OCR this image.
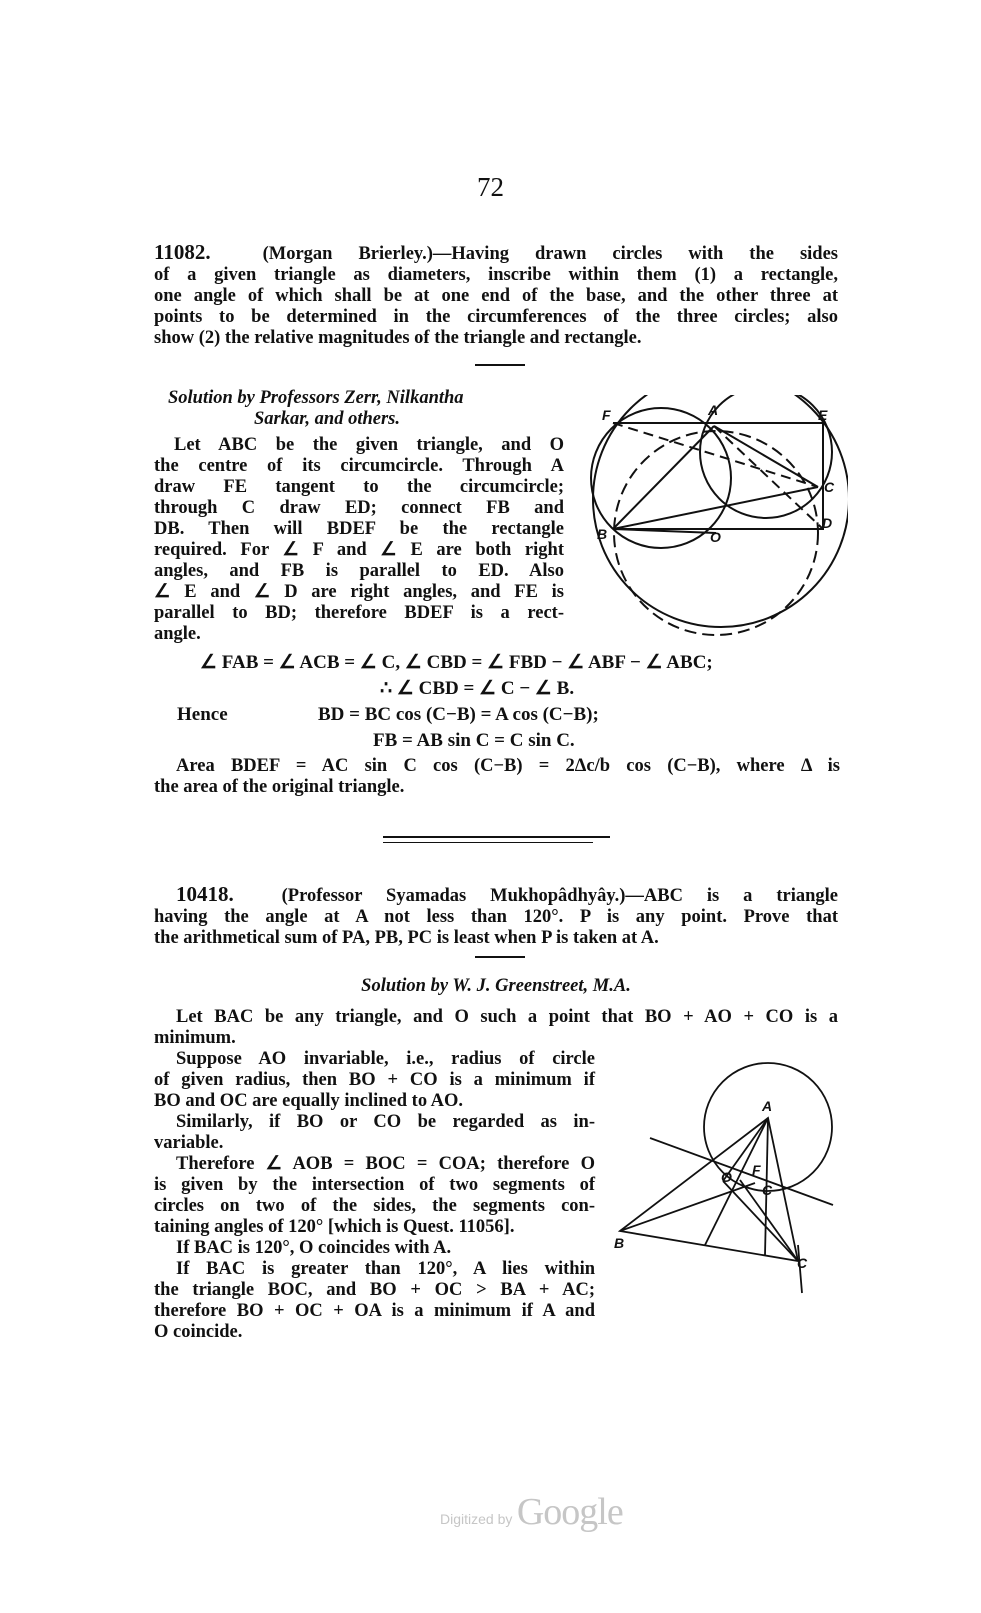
72
11082.	(Morgan Brierley.)—Having drawn circles with the sides
of a given triangle as diameters, inscribe within them (1) a rectangle,
one angle of which shall be at one end of the base, and the other three at
points to be determined in the circumferences of the three circles; also
show (2) the relative magnitudes of the triangle and rectangle.
Solution by Professors Zerr, Nilkantha
Sarkar, and others.
Let ABC be the given triangle, and O
the centre of its circumcircle. Through A
draw FE tangent to the circumcircle;
through C draw ED; connect FB and
DB. Then will BDEF be the rectangle
required. For ∠ F and ∠ E are both right
angles, and FB is parallel to ED. Also
∠ E and ∠ D are right angles, and FE is
parallel to BD; therefore BDEF is a rect-
angle.
F	A	E
C
B	O
D
∠ FAB = ∠ ACB = ∠ C, ∠ CBD = ∠ FBD − ∠ ABF − ∠ ABC;
∴ ∠ CBD = ∠ C − ∠ B.
Hence	BD = BC cos (C−B) = A cos (C−B);
FB = AB sin C = C sin C.
Area BDEF = AC sin C cos (C−B) = 2Δc/b cos (C−B), where Δ is
the area of the original triangle.
10418.	(Professor Syamadas Mukhopâdhyây.)—ABC is a triangle
having the angle at A not less than 120°. P is any point. Prove that
the arithmetical sum of PA, PB, PC is least when P is taken at A.
Solution by W. J. Greenstreet, M.A.
Let BAC be any triangle, and O such a point that BO + AO + CO is a
minimum.
Suppose AO invariable, i.e., radius of circle
of given radius, then BO + CO is a minimum if
BO and OC are equally inclined to AO.
Similarly, if BO or CO be regarded as in-
variable.
Therefore ∠ AOB = BOC = COA; therefore O
is given by the intersection of two segments of
circles on two of the sides, the segments con-
taining angles of 120° [which is Quest. 11056].
If BAC is 120°, O coincides with A.
If BAC is greater than 120°, A lies within
the triangle BOC, and BO + OC > BA + AC;
therefore BO + OC + OA is a minimum if A and
O coincide.
A
O F
C
B
C
Digitized by Google
